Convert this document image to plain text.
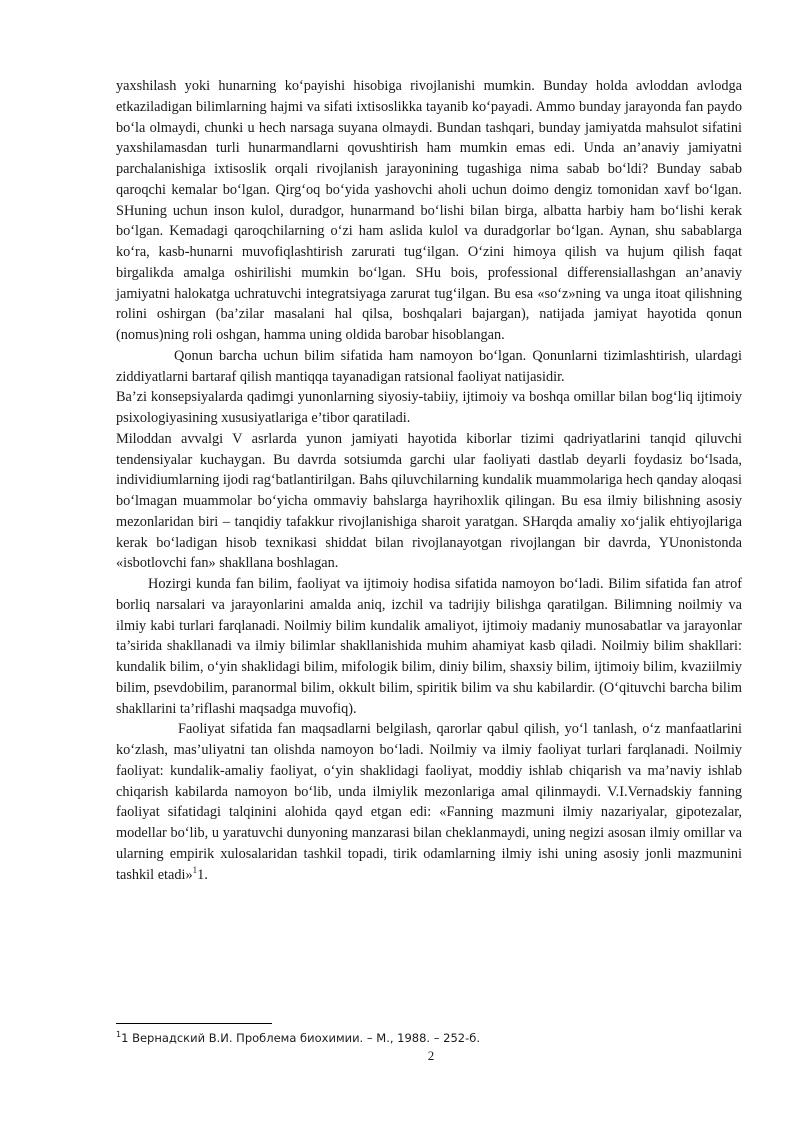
yaxshilash yoki hunarning koʻpayishi hisobiga rivojlanishi mumkin. Bunday holda avloddan avlodga etkaziladigan bilimlarning hajmi va sifati ixtisoslikka tayanib koʻpayadi. Ammo bunday jarayonda fan paydo boʻla olmaydi, chunki u hech narsaga suyana olmaydi. Bundan tashqari, bunday jamiyatda mahsulot sifatini yaxshilamasdan turli hunarmandlarni qovushtirish ham mumkin emas edi. Unda an’anaviy jamiyatni parchalanishiga ixtisoslik orqali rivojlanish jarayonining tugashiga nima sabab boʻldi? Bunday sabab qaroqchi kemalar boʻlgan. Qirgʻoq boʻyida yashovchi aholi uchun doimo dengiz tomonidan xavf boʻlgan. SHuning uchun inson kulol, duradgor, hunarmand boʻlishi bilan birga, albatta harbiy ham boʻlishi kerak boʻlgan. Kemadagi qaroqchilarning oʻzi ham aslida kulol va duradgorlar boʻlgan. Aynan, shu sabablarga koʻra, kasb-hunarni muvofiqlashtirish zarurati tugʻilgan. Oʻzini himoya qilish va hujum qilish faqat birgalikda amalga oshirilishi mumkin boʻlgan. SHu bois, professional differensiallashgan an’anaviy jamiyatni halokatga uchratuvchi integratsiyaga zarurat tugʻilgan. Bu esa «soʻz»ning va unga itoat qilishning rolini oshirgan (ba’zilar masalani hal qilsa, boshqalari bajargan), natijada jamiyat hayotida qonun (nomus)ning roli oshgan, hamma uning oldida barobar hisoblangan.

Qonun barcha uchun bilim sifatida ham namoyon boʻlgan. Qonunlarni tizimlashtirish, ulardagi ziddiyatlarni bartaraf qilish mantiqqa tayanadigan ratsional faoliyat natijasidir.

Ba’zi konsepsiyalarda qadimgi yunonlarning siyosiy-tabiiy, ijtimoiy va boshqa omillar bilan bogʻliq ijtimoiy psixologiyasining xususiyatlariga e’tibor qaratiladi.

Miloddan avvalgi V asrlarda yunon jamiyati hayotida kiborlar tizimi qadriyatlarini tanqid qiluvchi tendensiyalar kuchaygan. Bu davrda sotsiumda garchi ular faoliyati dastlab deyarli foydasiz boʻlsada, individiumlarning ijodi ragʻbatlantirilgan. Bahs qiluvchilarning kundalik muammolariga hech qanday aloqasi boʻlmagan muammolar boʻyicha ommaviy bahslarga hayrihoxlik qilingan. Bu esa ilmiy bilishning asosiy mezonlaridan biri – tanqidiy tafakkur rivojlanishiga sharoit yaratgan. SHarqda amaliy xoʻjalik ehtiyojlariga kerak boʻladigan hisob texnikasi shiddat bilan rivojlanayotgan rivojlangan bir davrda, YUnonistonda «isbotlovchi fan» shakllana boshlagan.

Hozirgi kunda fan bilim, faoliyat va ijtimoiy hodisa sifatida namoyon boʻladi. Bilim sifatida fan atrof borliq narsalari va jarayonlarini amalda aniq, izchil va tadrijiy bilishga qaratilgan. Bilimning noilmiy va ilmiy kabi turlari farqlanadi. Noilmiy bilim kundalik amaliyot, ijtimoiy madaniy munosabatlar va jarayonlar ta’sirida shakllanadi va ilmiy bilimlar shakllanishida muhim ahamiyat kasb qiladi. Noilmiy bilim shakllari: kundalik bilim, oʻyin shaklidagi bilim, mifologik bilim, diniy bilim, shaxsiy bilim, ijtimoiy bilim, kvaziilmiy bilim, psevdobilim, paranormal bilim, okkult bilim, spiritik bilim va shu kabilardir. (Oʻqituvchi barcha bilim shakllarini ta’riflashi maqsadga muvofiq).

Faoliyat sifatida fan maqsadlarni belgilash, qarorlar qabul qilish, yoʻl tanlash, oʻz manfaatlarini koʻzlash, mas’uliyatni tan olishda namoyon boʻladi. Noilmiy va ilmiy faoliyat turlari farqlanadi. Noilmiy faoliyat: kundalik-amaliy faoliyat, oʻyin shaklidagi faoliyat, moddiy ishlab chiqarish va ma’naviy ishlab chiqarish kabilarda namoyon boʻlib, unda ilmiylik mezonlariga amal qilinmaydi. V.I.Vernadskiy fanning faoliyat sifatidagi talqinini alohida qayd etgan edi: «Fanning mazmuni ilmiy nazariyalar, gipotezalar, modellar boʻlib, u yaratuvchi dunyoning manzarasi bilan cheklanmaydi, uning negizi asosan ilmiy omillar va ularning empirik xulosalaridan tashkil topadi, tirik odamlarning ilmiy ishi uning asosiy jonli mazmunini tashkil etadi»$^1$1.

$^1$1 Вернадский В.И. Проблема биохимии. – М., 1988. – 252-б.
2
